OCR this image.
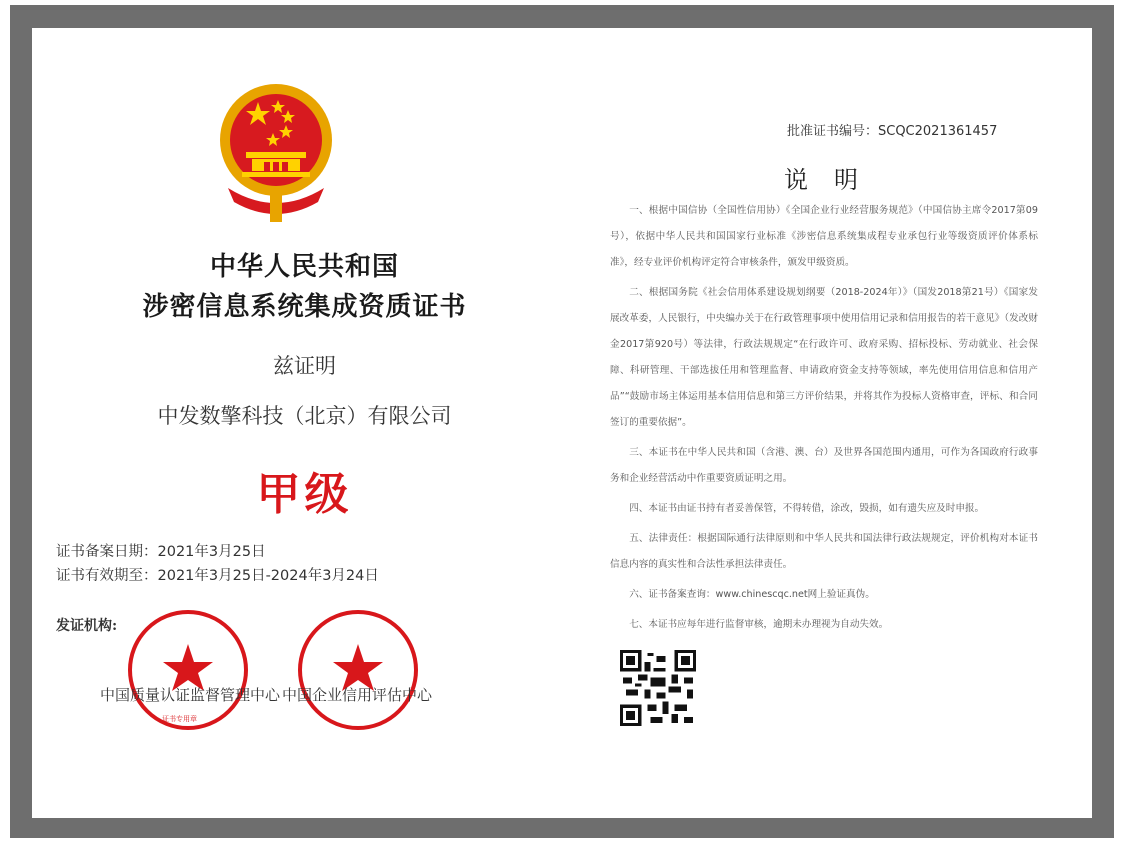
中华人民共和国
涉密信息系统集成资质证书
兹证明
中发数擎科技（北京）有限公司
甲级
证书备案日期：2021年3月25日
证书有效期至：2021年3月25日-2024年3月24日
发证机构:
中国质量认证监督管理中心 中国企业信用评估中心
证书专用章
批准证书编号：SCQC2021361457
说明

一、根据中国信协（全国性信用协）《全国企业行业经营服务规范》（中国信协主席令2017第09号），依据中华人民共和国国家行业标准《涉密信息系统集成程专业承包行业等级资质评价体系标准》，经专业评价机构评定符合审核条件，颁发甲级资质。

二、根据国务院《社会信用体系建设规划纲要（2018-2024年）》（国发2018第21号）《国家发展改革委，人民银行，中央编办关于在行政管理事项中使用信用记录和信用报告的若干意见》（发改财金2017第920号）等法律，行政法规规定“在行政许可、政府采购、招标投标、劳动就业、社会保障、科研管理、干部选拔任用和管理监督、申请政府资金支持等领域，率先使用信用信息和信用产品”“鼓励市场主体运用基本信用信息和第三方评价结果，并将其作为投标人资格审查，评标、和合同签订的重要依据”。

三、本证书在中华人民共和国（含港、澳、台）及世界各国范围内通用，可作为各国政府行政事务和企业经营活动中作重要资质证明之用。

四、本证书由证书持有者妥善保管，不得转借，涂改，毁损，如有遗失应及时申报。

五、法律责任：根据国际通行法律原则和中华人民共和国法律行政法规规定，评价机构对本证书信息内容的真实性和合法性承担法律责任。

六、证书备案查询：www.chinescqc.net网上验证真伪。

七、本证书应每年进行监督审核，逾期未办理视为自动失效。
